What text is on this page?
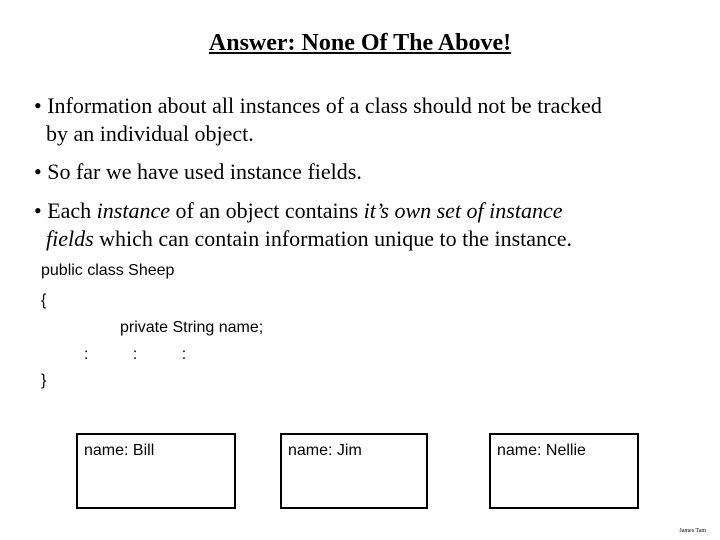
Answer: None Of The Above!
• Information about all instances of a class should not be tracked
by an individual object.
• So far we have used instance fields.
• Each instance of an object contains it’s own set of instance
fields which can contain information unique to the instance.
public class Sheep
{
private String name;
:          :          :
}
name: Bill	name: Jim	name: Nellie
James Tam
